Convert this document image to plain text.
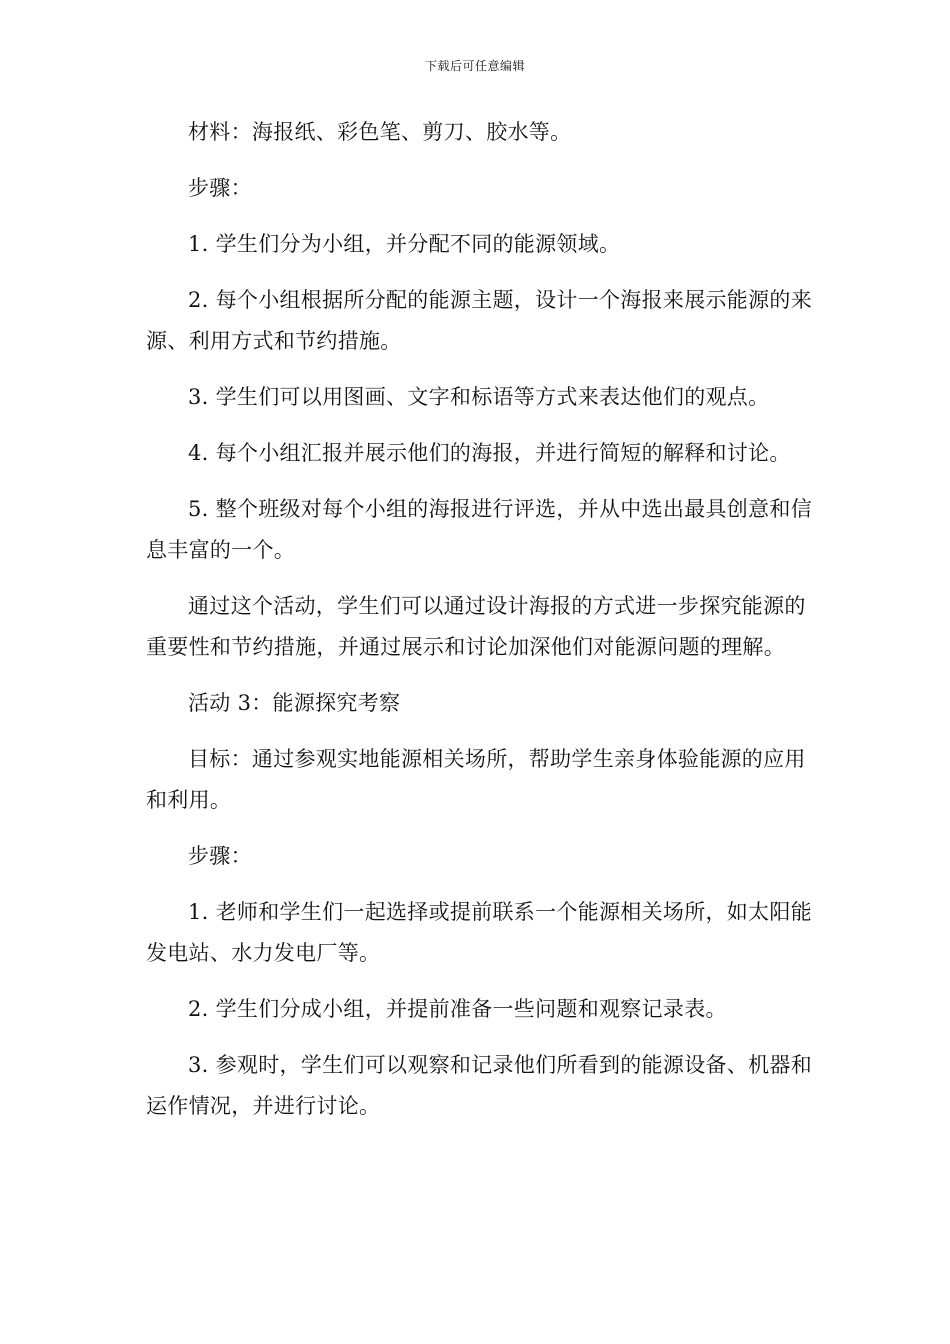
下载后可任意编辑

材料：海报纸、彩色笔、剪刀、胶水等。

步骤：

1. 学生们分为小组，并分配不同的能源领域。

2. 每个小组根据所分配的能源主题，设计一个海报来展示能源的来源、利用方式和节约措施。

3. 学生们可以用图画、文字和标语等方式来表达他们的观点。

4. 每个小组汇报并展示他们的海报，并进行简短的解释和讨论。

5. 整个班级对每个小组的海报进行评选，并从中选出最具创意和信息丰富的一个。

通过这个活动，学生们可以通过设计海报的方式进一步探究能源的重要性和节约措施，并通过展示和讨论加深他们对能源问题的理解。

活动 3：能源探究考察

目标：通过参观实地能源相关场所，帮助学生亲身体验能源的应用和利用。

步骤：

1. 老师和学生们一起选择或提前联系一个能源相关场所，如太阳能发电站、水力发电厂等。

2. 学生们分成小组，并提前准备一些问题和观察记录表。

3. 参观时，学生们可以观察和记录他们所看到的能源设备、机器和运作情况，并进行讨论。
